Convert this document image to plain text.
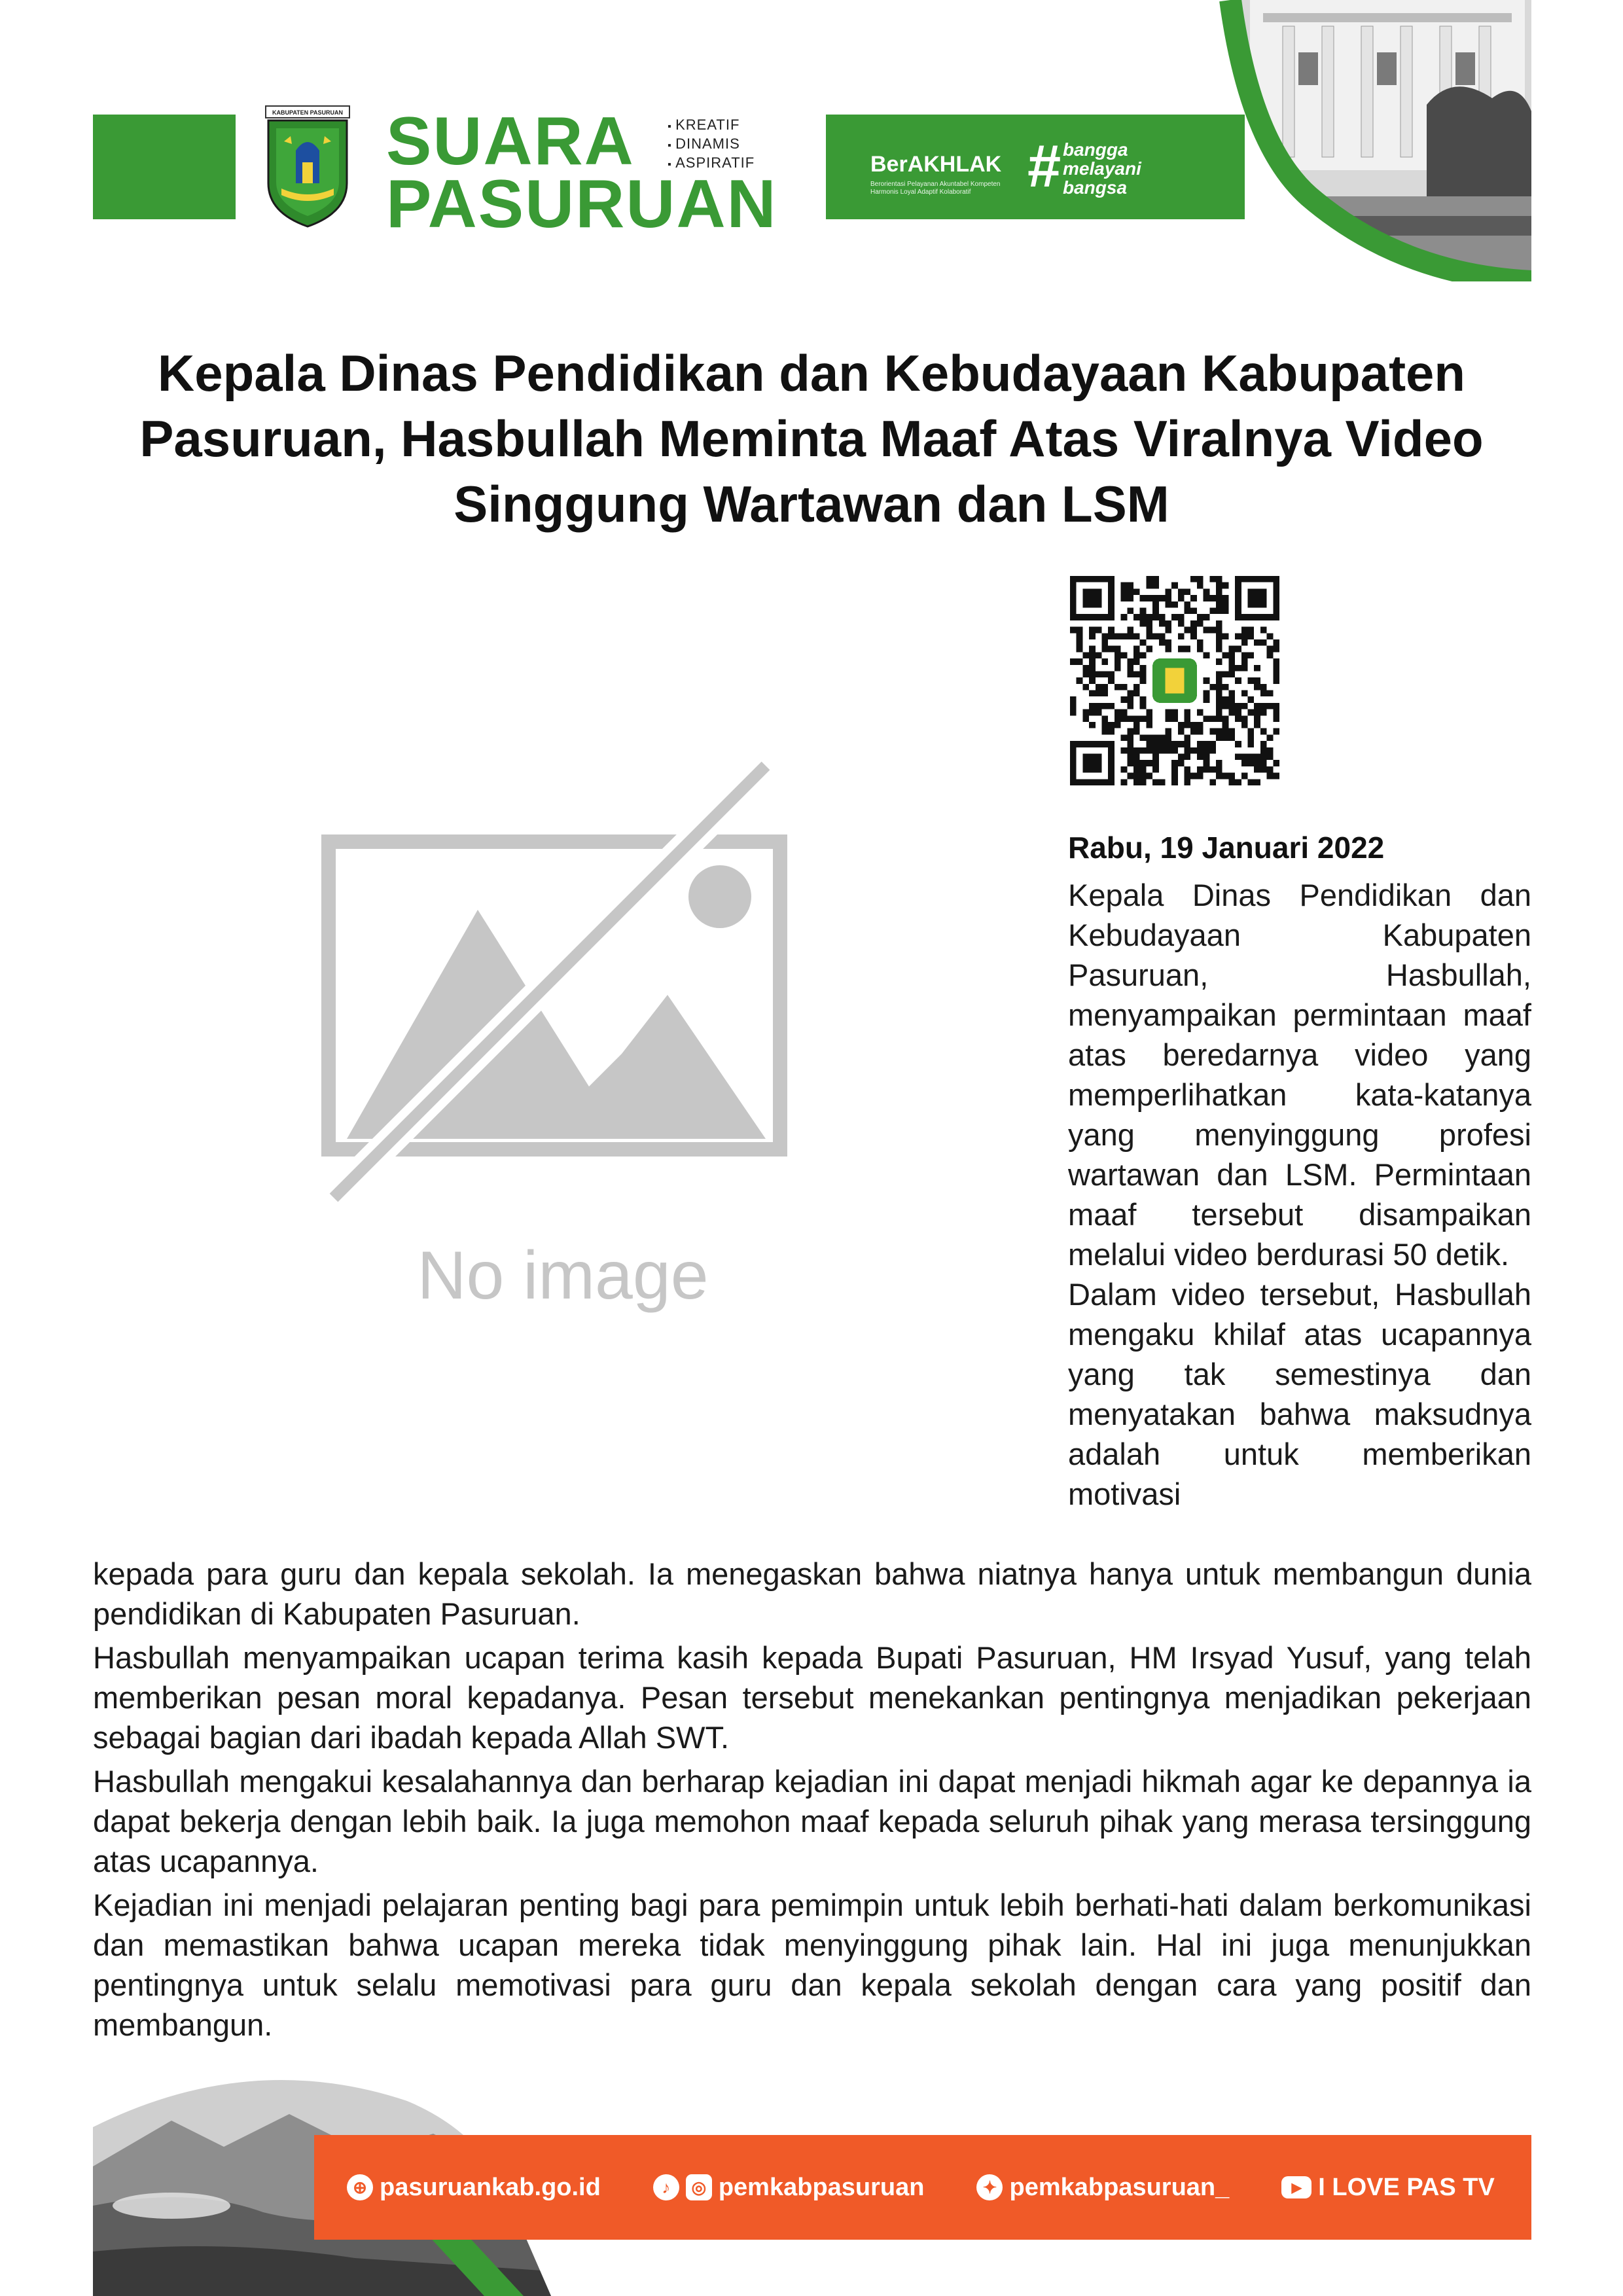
KABUPATEN PASURUAN SUARA
PASURUAN
▪ KREATIF
▪ DINAMIS
▪ ASPIRATIF	BerAKHLAK
Berorientasi Pelayanan Akuntabel Kompeten Harmonis Loyal Adaptif Kolaboratif # bangga
melayani
bangsa
Kepala Dinas Pendidikan dan Kebudayaan Kabupaten Pasuruan, Hasbullah Meminta Maaf Atas Viralnya Video Singgung Wartawan dan LSM
No image
Rabu, 19 Januari 2022

Kepala Dinas Pendidikan dan Kebudayaan Kabupaten Pasuruan, Hasbullah, menyampaikan permintaan maaf atas beredarnya video yang memperlihatkan kata-katanya yang menyinggung profesi wartawan dan LSM. Permintaan maaf tersebut disampaikan melalui video berdurasi 50 detik.

Dalam video tersebut, Hasbullah mengaku khilaf atas ucapannya yang tak semestinya dan menyatakan bahwa maksudnya adalah untuk memberikan motivasi

kepada para guru dan kepala sekolah. Ia menegaskan bahwa niatnya hanya untuk membangun dunia pendidikan di Kabupaten Pasuruan.

Hasbullah menyampaikan ucapan terima kasih kepada Bupati Pasuruan, HM Irsyad Yusuf, yang telah memberikan pesan moral kepadanya. Pesan tersebut menekankan pentingnya menjadikan pekerjaan sebagai bagian dari ibadah kepada Allah SWT.

Hasbullah mengakui kesalahannya dan berharap kejadian ini dapat menjadi hikmah agar ke depannya ia dapat bekerja dengan lebih baik. Ia juga memohon maaf kepada seluruh pihak yang merasa tersinggung atas ucapannya.

Kejadian ini menjadi pelajaran penting bagi para pemimpin untuk lebih berhati-hati dalam berkomunikasi dan memastikan bahwa ucapan mereka tidak menyinggung pihak lain. Hal ini juga menunjukkan pentingnya untuk selalu memotivasi para guru dan kepala sekolah dengan cara yang positif dan membangun.

⊕ pasuruankab.go.id	♪	◎ pemkabpasuruan	✦ pemkabpasuruan_	▶ I LOVE PAS TV
